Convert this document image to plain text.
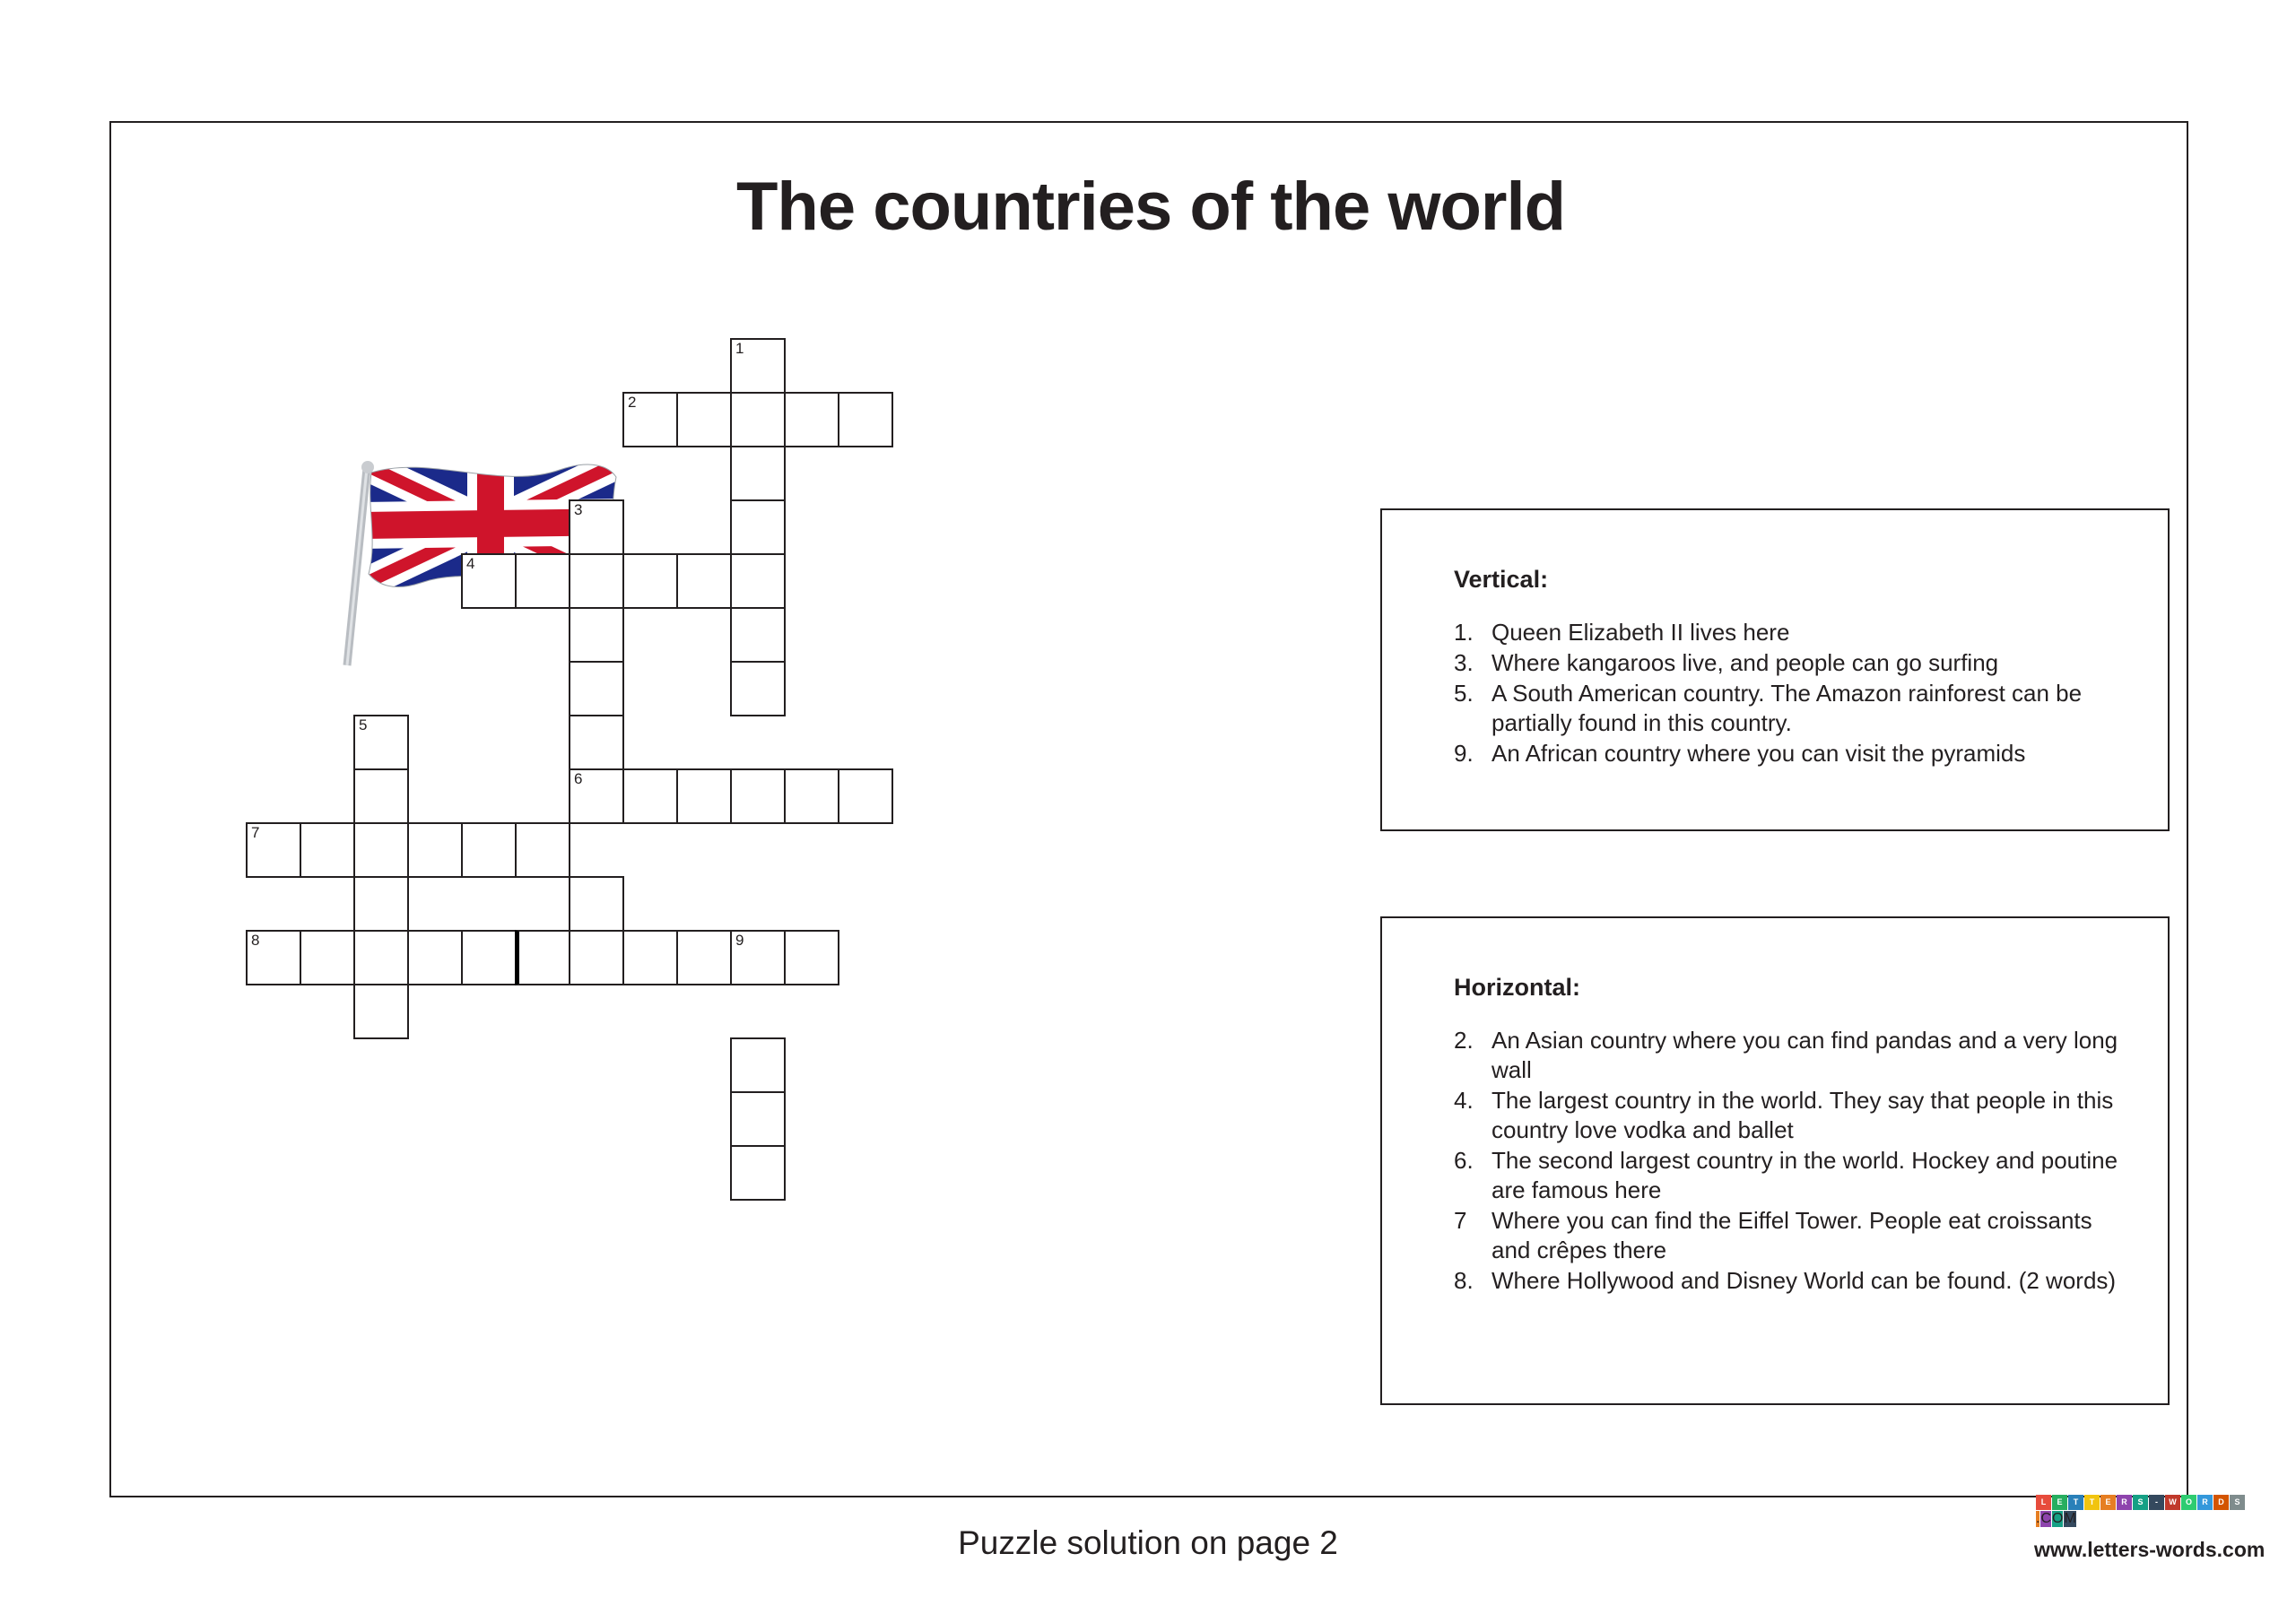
The countries of the world
1
2
3
4
5
6
7
8	9
Vertical:
1. Queen Elizabeth II lives here
3. Where kangaroos live, and people can go surfing
5. A South American country. The Amazon rainforest can be partially found in this country.
9. An African country where you can visit the pyramids
Horizontal:
2. An Asian country where you can find pandas and a very long wall
4. The largest country in the world. They say that people in this country love vodka and ballet
6. The second largest country in the world. Hockey and poutine are famous here
7	Where you can find the Eiffel Tower. People eat croissants and crêpes there
8. Where Hollywood and Disney World can be found. (2 words)
L	E	T	T	E	R	S	-	W	O	R	D	S
. C O M
www.letters-words.com
Puzzle solution on page 2
